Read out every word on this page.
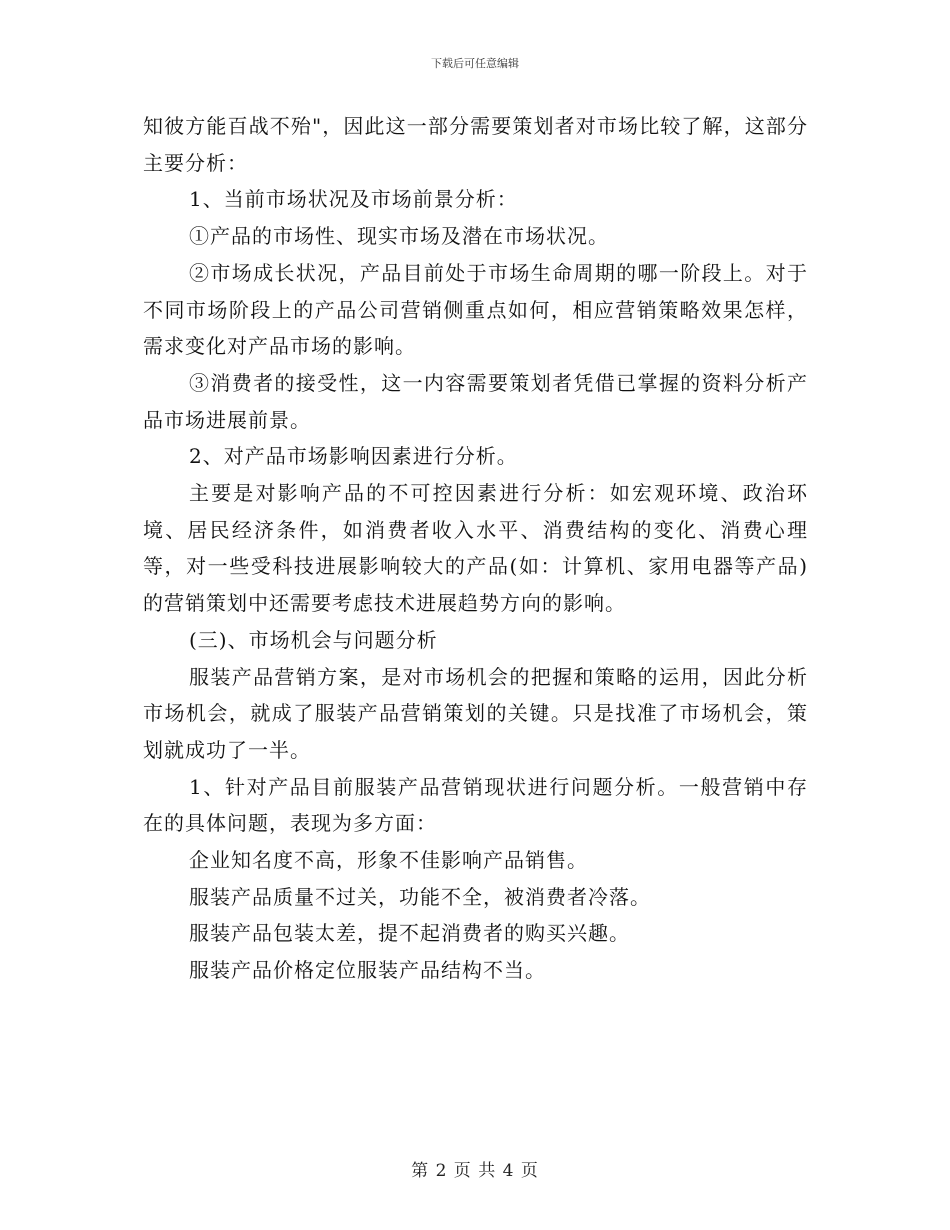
下载后可任意编辑

知彼方能百战不殆"，因此这一部分需要策划者对市场比较了解，这部分主要分析：

1、当前市场状况及市场前景分析：

①产品的市场性、现实市场及潜在市场状况。

②市场成长状况，产品目前处于市场生命周期的哪一阶段上。对于不同市场阶段上的产品公司营销侧重点如何，相应营销策略效果怎样，需求变化对产品市场的影响。

③消费者的接受性，这一内容需要策划者凭借已掌握的资料分析产品市场进展前景。

2、对产品市场影响因素进行分析。

主要是对影响产品的不可控因素进行分析：如宏观环境、政治环境、居民经济条件，如消费者收入水平、消费结构的变化、消费心理等，对一些受科技进展影响较大的产品(如：计算机、家用电器等产品)的营销策划中还需要考虑技术进展趋势方向的影响。

(三)、市场机会与问题分析

服装产品营销方案，是对市场机会的把握和策略的运用，因此分析市场机会，就成了服装产品营销策划的关键。只是找准了市场机会，策划就成功了一半。

1、针对产品目前服装产品营销现状进行问题分析。一般营销中存在的具体问题，表现为多方面：

企业知名度不高，形象不佳影响产品销售。

服装产品质量不过关，功能不全，被消费者冷落。

服装产品包装太差，提不起消费者的购买兴趣。

服装产品价格定位服装产品结构不当。

第 2 页 共 4 页
